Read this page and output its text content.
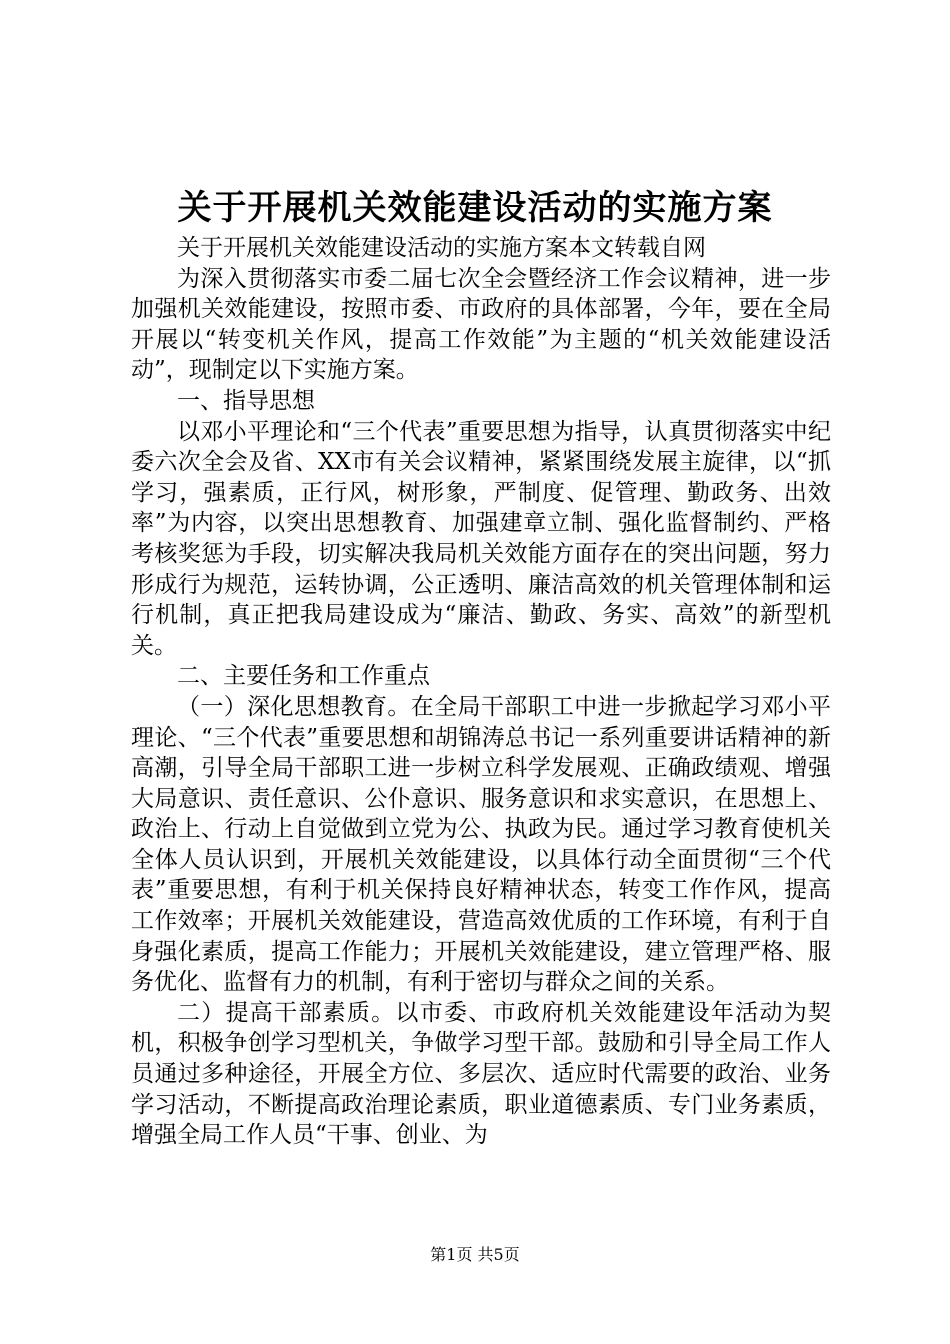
关于开展机关效能建设活动的实施方案

关于开展机关效能建设活动的实施方案本文转载自网

为深入贯彻落实市委二届七次全会暨经济工作会议精神，进一步加强机关效能建设，按照市委、市政府的具体部署，今年，要在全局开展以“转变机关作风，提高工作效能”为主题的“机关效能建设活动”，现制定以下实施方案。

一、指导思想

以邓小平理论和“三个代表”重要思想为指导，认真贯彻落实中纪委六次全会及省、XX市有关会议精神，紧紧围绕发展主旋律，以“抓学习，强素质，正行风，树形象，严制度、促管理、勤政务、出效率”为内容，以突出思想教育、加强建章立制、强化监督制约、严格考核奖惩为手段，切实解决我局机关效能方面存在的突出问题，努力形成行为规范，运转协调，公正透明、廉洁高效的机关管理体制和运行机制，真正把我局建设成为“廉洁、勤政、务实、高效”的新型机关。

二、主要任务和工作重点

（一）深化思想教育。在全局干部职工中进一步掀起学习邓小平理论、“三个代表”重要思想和胡锦涛总书记一系列重要讲话精神的新高潮，引导全局干部职工进一步树立科学发展观、正确政绩观、增强大局意识、责任意识、公仆意识、服务意识和求实意识，在思想上、政治上、行动上自觉做到立党为公、执政为民。通过学习教育使机关全体人员认识到，开展机关效能建设，以具体行动全面贯彻“三个代表”重要思想，有利于机关保持良好精神状态，转变工作作风，提高工作效率；开展机关效能建设，营造高效优质的工作环境，有利于自身强化素质，提高工作能力；开展机关效能建设，建立管理严格、服务优化、监督有力的机制，有利于密切与群众之间的关系。

二）提高干部素质。以市委、市政府机关效能建设年活动为契机，积极争创学习型机关，争做学习型干部。鼓励和引导全局工作人员通过多种途径，开展全方位、多层次、适应时代需要的政治、业务学习活动，不断提高政治理论素质，职业道德素质、专门业务素质，增强全局工作人员“干事、创业、为

第1页 共5页
